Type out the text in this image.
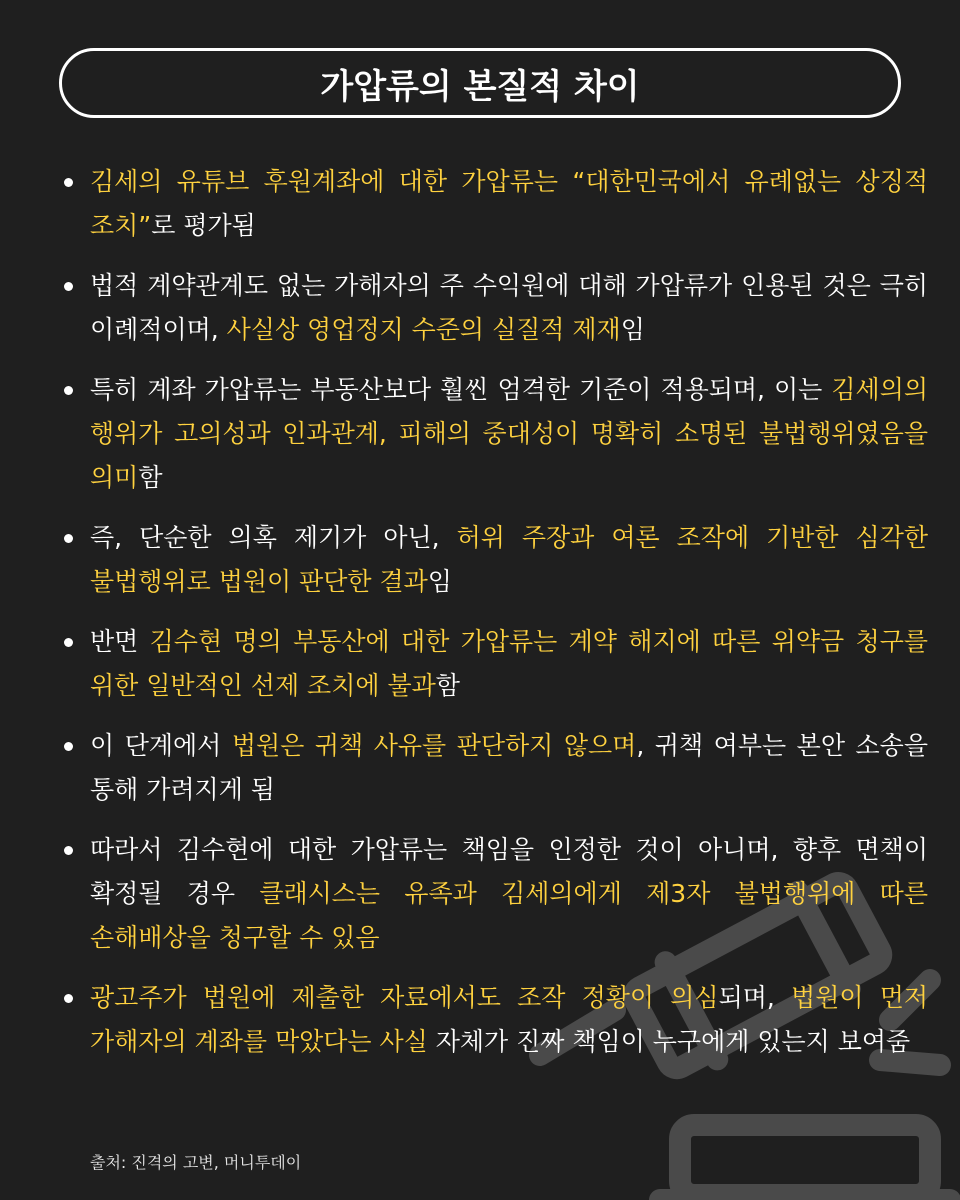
가압류의 본질적 차이
김세의 유튜브 후원계좌에 대한 가압류는 “대한민국에서 유례없는 상징적 조치”로 평가됨
법적 계약관계도 없는 가해자의 주 수익원에 대해 가압류가 인용된 것은 극히 이례적이며, 사실상 영업정지 수준의 실질적 제재임
특히 계좌 가압류는 부동산보다 훨씬 엄격한 기준이 적용되며, 이는 김세의의 행위가 고의성과 인과관계, 피해의 중대성이 명확히 소명된 불법행위였음을 의미함
즉, 단순한 의혹 제기가 아닌, 허위 주장과 여론 조작에 기반한 심각한 불법행위로 법원이 판단한 결과임
반면 김수현 명의 부동산에 대한 가압류는 계약 해지에 따른 위약금 청구를 위한 일반적인 선제 조치에 불과함
이 단계에서 법원은 귀책 사유를 판단하지 않으며, 귀책 여부는 본안 소송을 통해 가려지게 됨
따라서 김수현에 대한 가압류는 책임을 인정한 것이 아니며, 향후 면책이 확정될 경우 클래시스는 유족과 김세의에게 제3자 불법행위에 따른 손해배상을 청구할 수 있음
광고주가 법원에 제출한 자료에서도 조작 정황이 의심되며, 법원이 먼저 가해자의 계좌를 막았다는 사실 자체가 진짜 책임이 누구에게 있는지 보여줌
출처: 진격의 고변, 머니투데이
